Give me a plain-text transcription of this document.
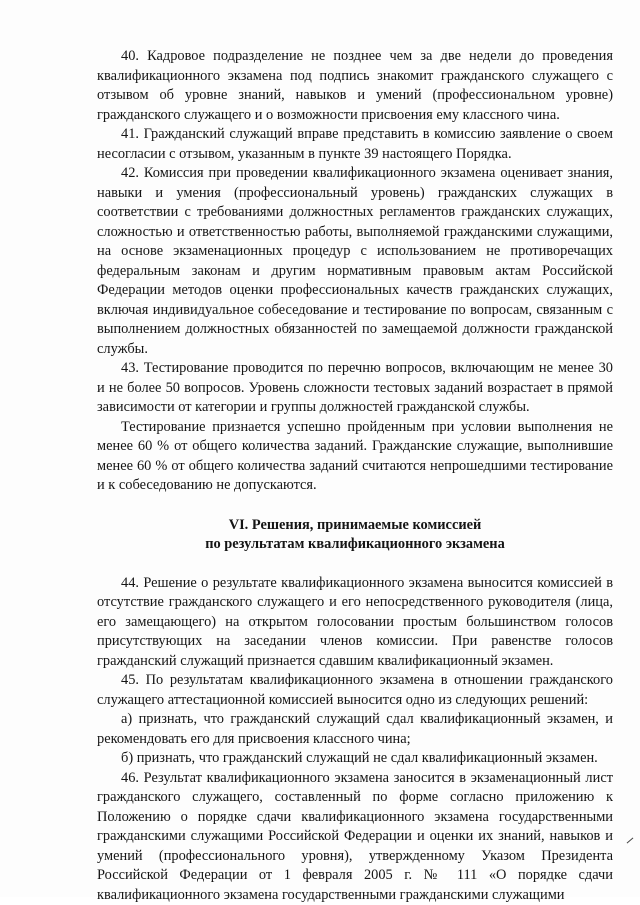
40. Кадровое подразделение не позднее чем за две недели до проведения квалификационного экзамена под подпись знакомит гражданского служащего с отзывом об уровне знаний, навыков и умений (профессиональном уровне) гражданского служащего и о возможности присвоения ему классного чина.

41. Гражданский служащий вправе представить в комиссию заявление о своем несогласии с отзывом, указанным в пункте 39 настоящего Порядка.

42. Комиссия при проведении квалификационного экзамена оценивает знания, навыки и умения (профессиональный уровень) гражданских служащих в соответствии с требованиями должностных регламентов гражданских служащих, сложностью и ответственностью работы, выполняемой гражданскими служащими, на основе экзаменационных процедур с использованием не противоречащих федеральным законам и другим нормативным правовым актам Российской Федерации методов оценки профессиональных качеств гражданских служащих, включая индивидуальное собеседование и тестирование по вопросам, связанным с выполнением должностных обязанностей по замещаемой должности гражданской службы.

43. Тестирование проводится по перечню вопросов, включающим не менее 30 и не более 50 вопросов. Уровень сложности тестовых заданий возрастает в прямой зависимости от категории и группы должностей гражданской службы.

Тестирование признается успешно пройденным при условии выполнения не менее 60 % от общего количества заданий. Гражданские служащие, выполнившие менее 60 % от общего количества заданий считаются непрошедшими тестирование и к собеседованию не допускаются.

VI. Решения, принимаемые комиссией
по результатам квалификационного экзамена

44. Решение о результате квалификационного экзамена выносится комиссией в отсутствие гражданского служащего и его непосредственного руководителя (лица, его замещающего) на открытом голосовании простым большинством голосов присутствующих на заседании членов комиссии. При равенстве голосов гражданский служащий признается сдавшим квалификационный экзамен.

45. По результатам квалификационного экзамена в отношении гражданского служащего аттестационной комиссией выносится одно из следующих решений:

а) признать, что гражданский служащий сдал квалификационный экзамен, и рекомендовать его для присвоения классного чина;

б) признать, что гражданский служащий не сдал квалификационный экзамен.

46. Результат квалификационного экзамена заносится в экзаменационный лист гражданского служащего, составленный по форме согласно приложению к Положению о порядке сдачи квалификационного экзамена государственными гражданскими служащими Российской Федерации и оценки их знаний, навыков и умений (профессионального уровня), утвержденному Указом Президента Российской Федерации от 1 февраля 2005 г. № 111 «О порядке сдачи квалификационного экзамена государственными гражданскими служащими
